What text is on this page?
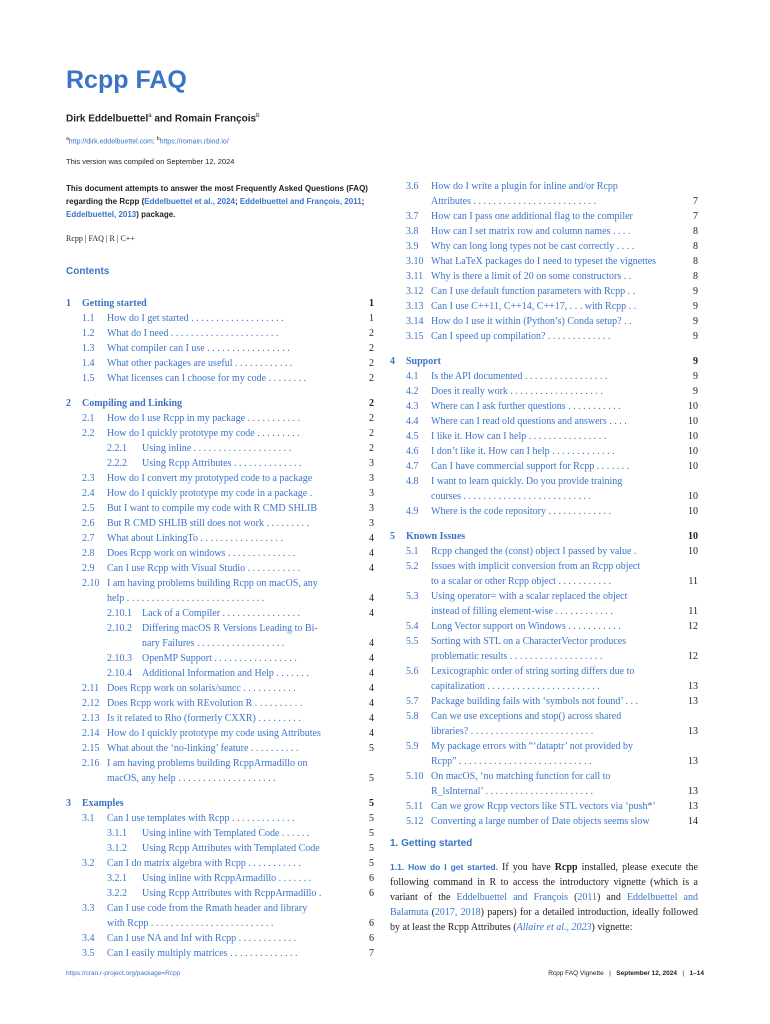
Rcpp FAQ
Dirk Eddelbuettel$^a$ and Romain François$^b$
$^a$http://dirk.eddelbuettel.com; $^b$https://romain.rbind.io/
This version was compiled on September 12, 2024
This document attempts to answer the most Frequently Asked Questions (FAQ) regarding the Rcpp (Eddelbuettel et al., 2024; Eddelbuettel and François, 2011; Eddelbuettel, 2013) package.
Rcpp | FAQ | R | C++
Contents
1 Getting started	1
1.1 How do I get started . . . . . . . . . . . . . . . . . . .	1
1.2 What do I need . . . . . . . . . . . . . . . . . . . . . .	2
1.3 What compiler can I use . . . . . . . . . . . . . . . . .	2
1.4 What other packages are useful . . . . . . . . . . . .	2
1.5 What licenses can I choose for my code . . . . . . . .	2
2 Compiling and Linking	2
2.1 How do I use Rcpp in my package . . . . . . . . . . .	2
2.2 How do I quickly prototype my code . . . . . . . . .	2
2.2.1 Using inline . . . . . . . . . . . . . . . . . . . .	2
2.2.2 Using Rcpp Attributes . . . . . . . . . . . . . .	3
2.3 How do I convert my prototyped code to a package	3
2.4 How do I quickly prototype my code in a package .	3
2.5 But I want to compile my code with R CMD SHLIB	3
2.6 But R CMD SHLIB still does not work . . . . . . . . .	3
2.7 What about LinkingTo . . . . . . . . . . . . . . . . .	4
2.8 Does Rcpp work on windows . . . . . . . . . . . . . .	4
2.9 Can I use Rcpp with Visual Studio . . . . . . . . . . .	4
2.10 I am having problems building Rcpp on macOS, any
help . . . . . . . . . . . . . . . . . . . . . . . . . . . .	4
2.10.1 Lack of a Compiler . . . . . . . . . . . . . . . .	4
2.10.2 Differing macOS R Versions Leading to Bi-
nary Failures . . . . . . . . . . . . . . . . . .	4
2.10.3 OpenMP Support . . . . . . . . . . . . . . . . .	4
2.10.4 Additional Information and Help . . . . . . .	4
2.11 Does Rcpp work on solaris/suncc . . . . . . . . . . .	4
2.12 Does Rcpp work with REvolution R . . . . . . . . . .	4
2.13 Is it related to Rho (formerly CXXR) . . . . . . . . .	4
2.14 How do I quickly prototype my code using Attributes	4
2.15 What about the ‘no-linking’ feature . . . . . . . . . .	5
2.16 I am having problems building RcppArmadillo on
macOS, any help . . . . . . . . . . . . . . . . . . . .	5
3 Examples	5
3.1 Can I use templates with Rcpp . . . . . . . . . . . . .	5
3.1.1 Using inline with Templated Code . . . . . .	5
3.1.2 Using Rcpp Attributes with Templated Code	5
3.2 Can I do matrix algebra with Rcpp . . . . . . . . . . .	5
3.2.1 Using inline with RcppArmadillo . . . . . . .	6
3.2.2 Using Rcpp Attributes with RcppArmadillo .	6
3.3 Can I use code from the Rmath header and library
with Rcpp . . . . . . . . . . . . . . . . . . . . . . . . .	6
3.4 Can I use NA and Inf with Rcpp . . . . . . . . . . . .	6
3.5 Can I easily multiply matrices . . . . . . . . . . . . . .	7
3.6 How do I write a plugin for inline and/or Rcpp
Attributes . . . . . . . . . . . . . . . . . . . . . . . . .	7
3.7 How can I pass one additional flag to the compiler	7
3.8 How can I set matrix row and column names . . . .	8
3.9 Why can long long types not be cast correctly . . . .	8
3.10 What LaTeX packages do I need to typeset the vignettes	8
3.11 Why is there a limit of 20 on some constructors . .	8
3.12 Can I use default function parameters with Rcpp . .	9
3.13 Can I use C++11, C++14, C++17, . . . with Rcpp . .	9
3.14 How do I use it within (Python’s) Conda setup? . .	9
3.15 Can I speed up compilation? . . . . . . . . . . . . .	9
4 Support	9
4.1 Is the API documented . . . . . . . . . . . . . . . . .	9
4.2 Does it really work . . . . . . . . . . . . . . . . . . .	9
4.3 Where can I ask further questions . . . . . . . . . . .	10
4.4 Where can I read old questions and answers . . . .	10
4.5 I like it. How can I help . . . . . . . . . . . . . . . .	10
4.6 I don’t like it. How can I help . . . . . . . . . . . . .	10
4.7 Can I have commercial support for Rcpp . . . . . . .	10
4.8 I want to learn quickly. Do you provide training
courses . . . . . . . . . . . . . . . . . . . . . . . . . .	10
4.9 Where is the code repository . . . . . . . . . . . . .	10
5 Known Issues	10
5.1 Rcpp changed the (const) object I passed by value .	10
5.2 Issues with implicit conversion from an Rcpp object
to a scalar or other Rcpp object . . . . . . . . . . .	11
5.3 Using operator= with a scalar replaced the object
instead of filling element-wise . . . . . . . . . . . .	11
5.4 Long Vector support on Windows . . . . . . . . . . .	12
5.5 Sorting with STL on a CharacterVector produces
problematic results . . . . . . . . . . . . . . . . . . .	12
5.6 Lexicographic order of string sorting differs due to
capitalization . . . . . . . . . . . . . . . . . . . . . . .	13
5.7 Package building fails with ‘symbols not found’ . . .	13
5.8 Can we use exceptions and stop() across shared
libraries? . . . . . . . . . . . . . . . . . . . . . . . . .	13
5.9 My package errors with “‘dataptr’ not provided by
Rcpp” . . . . . . . . . . . . . . . . . . . . . . . . . . .	13
5.10 On macOS, ‘no matching function for call to
R_lsInternal’ . . . . . . . . . . . . . . . . . . . . . .	13
5.11 Can we grow Rcpp vectors like STL vectors via ‘push*’	13
5.12 Converting a large number of Date objects seems slow	14
1. Getting started
1.1. How do I get started. If you have Rcpp installed, please execute the following command in R to access the introductory vignette (which is a variant of the Eddelbuettel and François (2011) and Eddelbuettel and Balamuta (2017, 2018) papers) for a detailed introduction, ideally followed by at least the Rcpp Attributes (Allaire et al., 2023) vignette:
https://cran.r-project.org/package=Rcpp	Rcpp FAQ Vignette | September 12, 2024 | 1–14
